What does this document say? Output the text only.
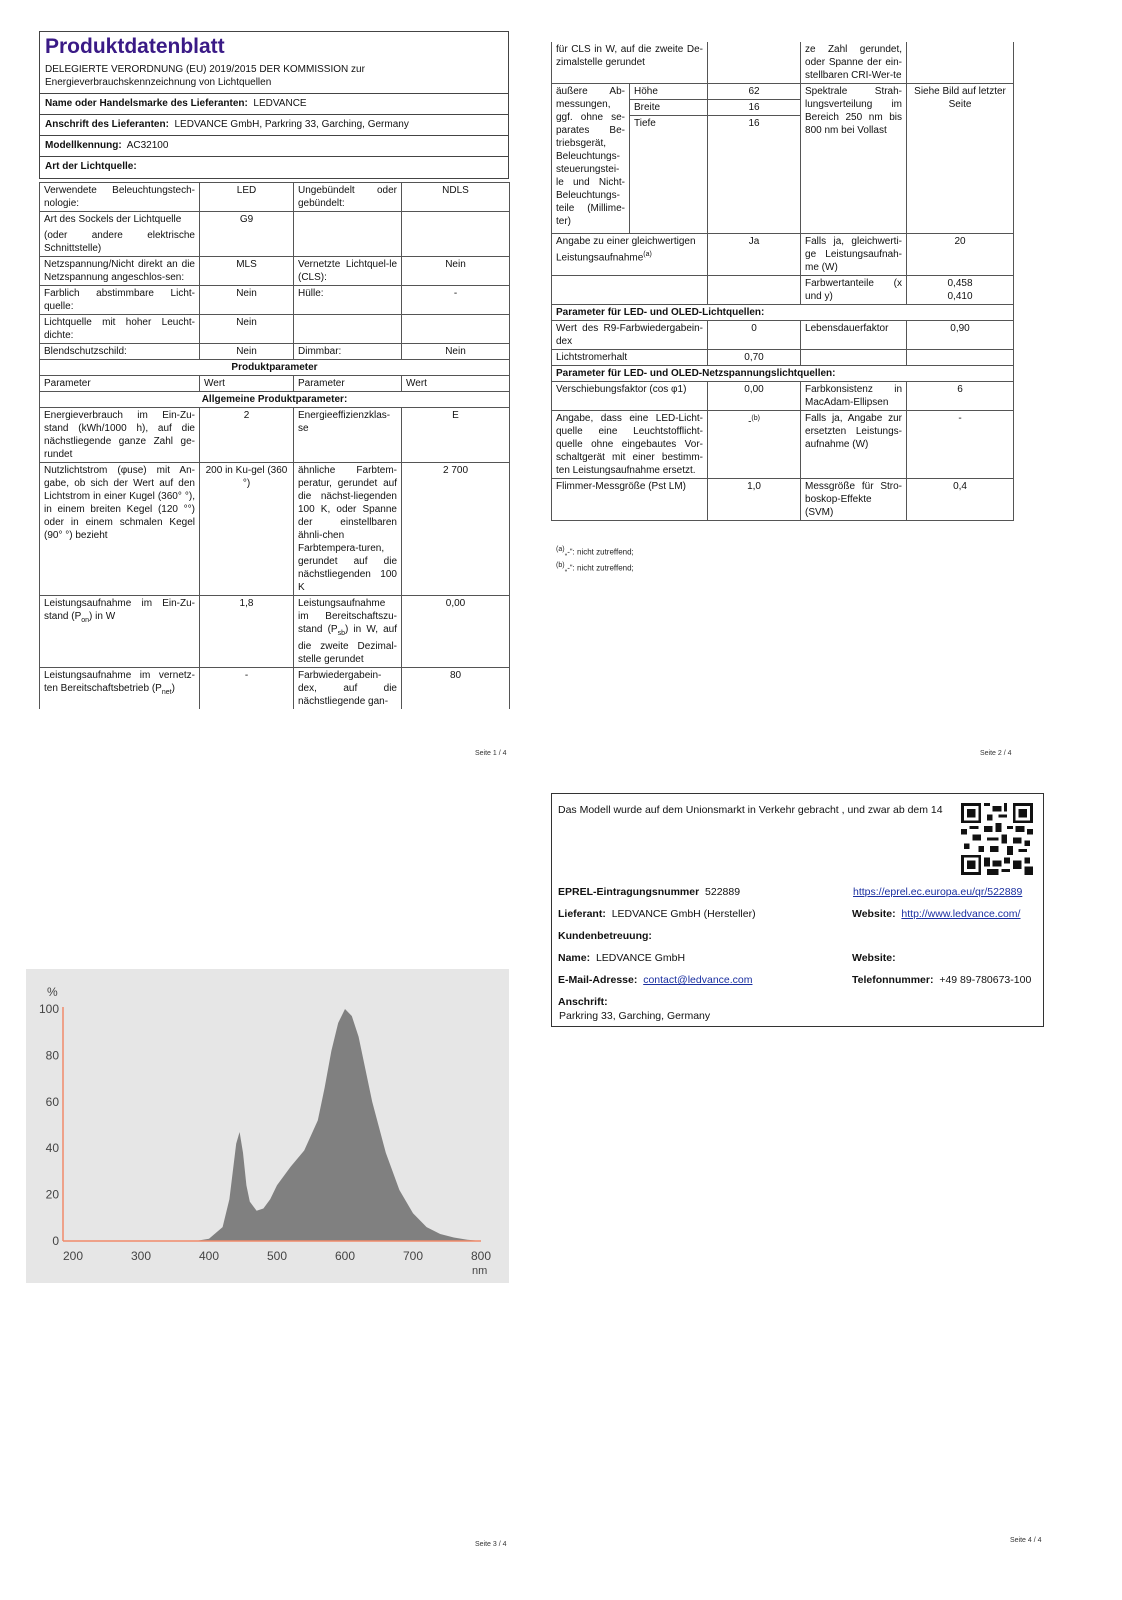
Produktdatenblatt
DELEGIERTE VERORDNUNG (EU) 2019/2015 DER KOMMISSION zur Energieverbrauchskennzeichnung von Lichtquellen
Name oder Handelsmarke des Lieferanten: LEDVANCE
Anschrift des Lieferanten: LEDVANCE GmbH, Parkring 33, Garching, Germany
Modellkennung: AC32100
Art der Lichtquelle:
Verwendete Beleuchtungstech-nologie:	LED	Ungebündelt oder gebündelt:	NDLS

Art des Sockels der Lichtquelle
(oder andere elektrische Schnittstelle)	G9		
Netzspannung/Nicht direkt an die Netzspannung angeschlos-sen:	MLS	Vernetzte Lichtquel-le (CLS):	Nein
Farblich abstimmbare Licht-quelle:	Nein	Hülle:	-
Lichtquelle mit hoher Leucht-dichte:	Nein		
Blendschutzschild:	Nein	Dimmbar:	Nein
Produktparameter			
Parameter	Wert	Parameter	Wert
Allgemeine Produktparameter:			
Energieverbrauch im Ein-Zu-stand (kWh/1000 h), auf die nächstliegende ganze Zahl ge-rundet	2	Energieeffizienzklas-se	E
Nutzlichtstrom (φuse) mit An-gabe, ob sich der Wert auf den Lichtstrom in einer Kugel (360° °), in einem breiten Kegel (120 °°) oder in einem schmalen Kegel (90° °) bezieht	200 in Ku-gel (360 °)	ähnliche Farbtem-peratur, gerundet auf die nächst-liegenden 100 K, oder Spanne der einstellbaren ähnli-chen Farbtempera-turen, gerundet auf die nächstliegenden 100 K	2 700
Leistungsaufnahme im Ein-Zu-stand $(P_{on})$ in W	1,8	Leistungsaufnahme im Bereitschaftszu-stand $(P_{sb})$ in W, auf die zweite Dezimal-stelle gerundet	0,00
Leistungsaufnahme im vernetz-ten Bereitschaftsbetrieb $(P_{net})$	-	Farbwiedergabein-dex, auf die nächstliegende gan-	80
Seite 1 / 4
für CLS in W, auf die zweite De-zimalstelle gerundet			ze Zahl gerundet, oder Spanne der ein-stellbaren CRI-Wer-te	
äußere Ab-messungen, ggf. ohne se-parates Be-triebsgerät, Beleuchtungs-steuerungstei-le und Nicht-Beleuchtungs-teile (Millime-ter)	Höhe	62	Spektrale Strah-lungsverteilung im Bereich 250 nm bis 800 nm bei Vollast	Siehe Bild auf letzter Seite
	Breite	16		
	Tiefe	16		
Angabe zu einer gleichwertigen Leistungsaufnahme$^{(a)}$		Ja	Falls ja, gleichwerti-ge Leistungsaufnah-me (W)	20
			Farbwertanteile (x und y)	0,458
0,410

Parameter für LED- und OLED-Lichtquellen:				
Wert des R9-Farbwiedergabein-dex		0	Lebensdauerfaktor	0,90
Lichtstromerhalt		0,70		
Parameter für LED- und OLED-Netzspannungslichtquellen:				
Verschiebungsfaktor (cos φ1)		0,00	Farbkonsistenz in MacAdam-Ellipsen	6
Angabe, dass eine LED-Licht-quelle eine Leuchtstofflicht-quelle ohne eingebautes Vor-schaltgerät mit einer bestimm-ten Leistungsaufnahme ersetzt.		-$^{(b)}$	Falls ja, Angabe zur ersetzten Leistungs-aufnahme (W)	-
Flimmer-Messgröße (Pst LM)		1,0	Messgröße für Stro-boskop-Effekte (SVM)	0,4
$^{(a)}$„-“: nicht zutreffend;
$^{(b)}$„-“: nicht zutreffend;
Seite 2 / 4
0
20
40
60
80
100
200	300	400	500	600	700	800
%
nm
Seite 3 / 4
Das Modell wurde auf dem Unionsmarkt in Verkehr gebracht , und zwar ab dem 14
EPREL-Eintragungsnummer 522889	https://eprel.ec.europa.eu/qr/522889
Lieferant: LEDVANCE GmbH (Hersteller)	Website: http://www.ledvance.com/
Kundenbetreuung:
Name: LEDVANCE GmbH	Website:
E-Mail-Adresse: contact@ledvance.com	Telefonnummer: +49 89-780673-100
Anschrift:
Parkring 33, Garching, Germany
Seite 4 / 4
